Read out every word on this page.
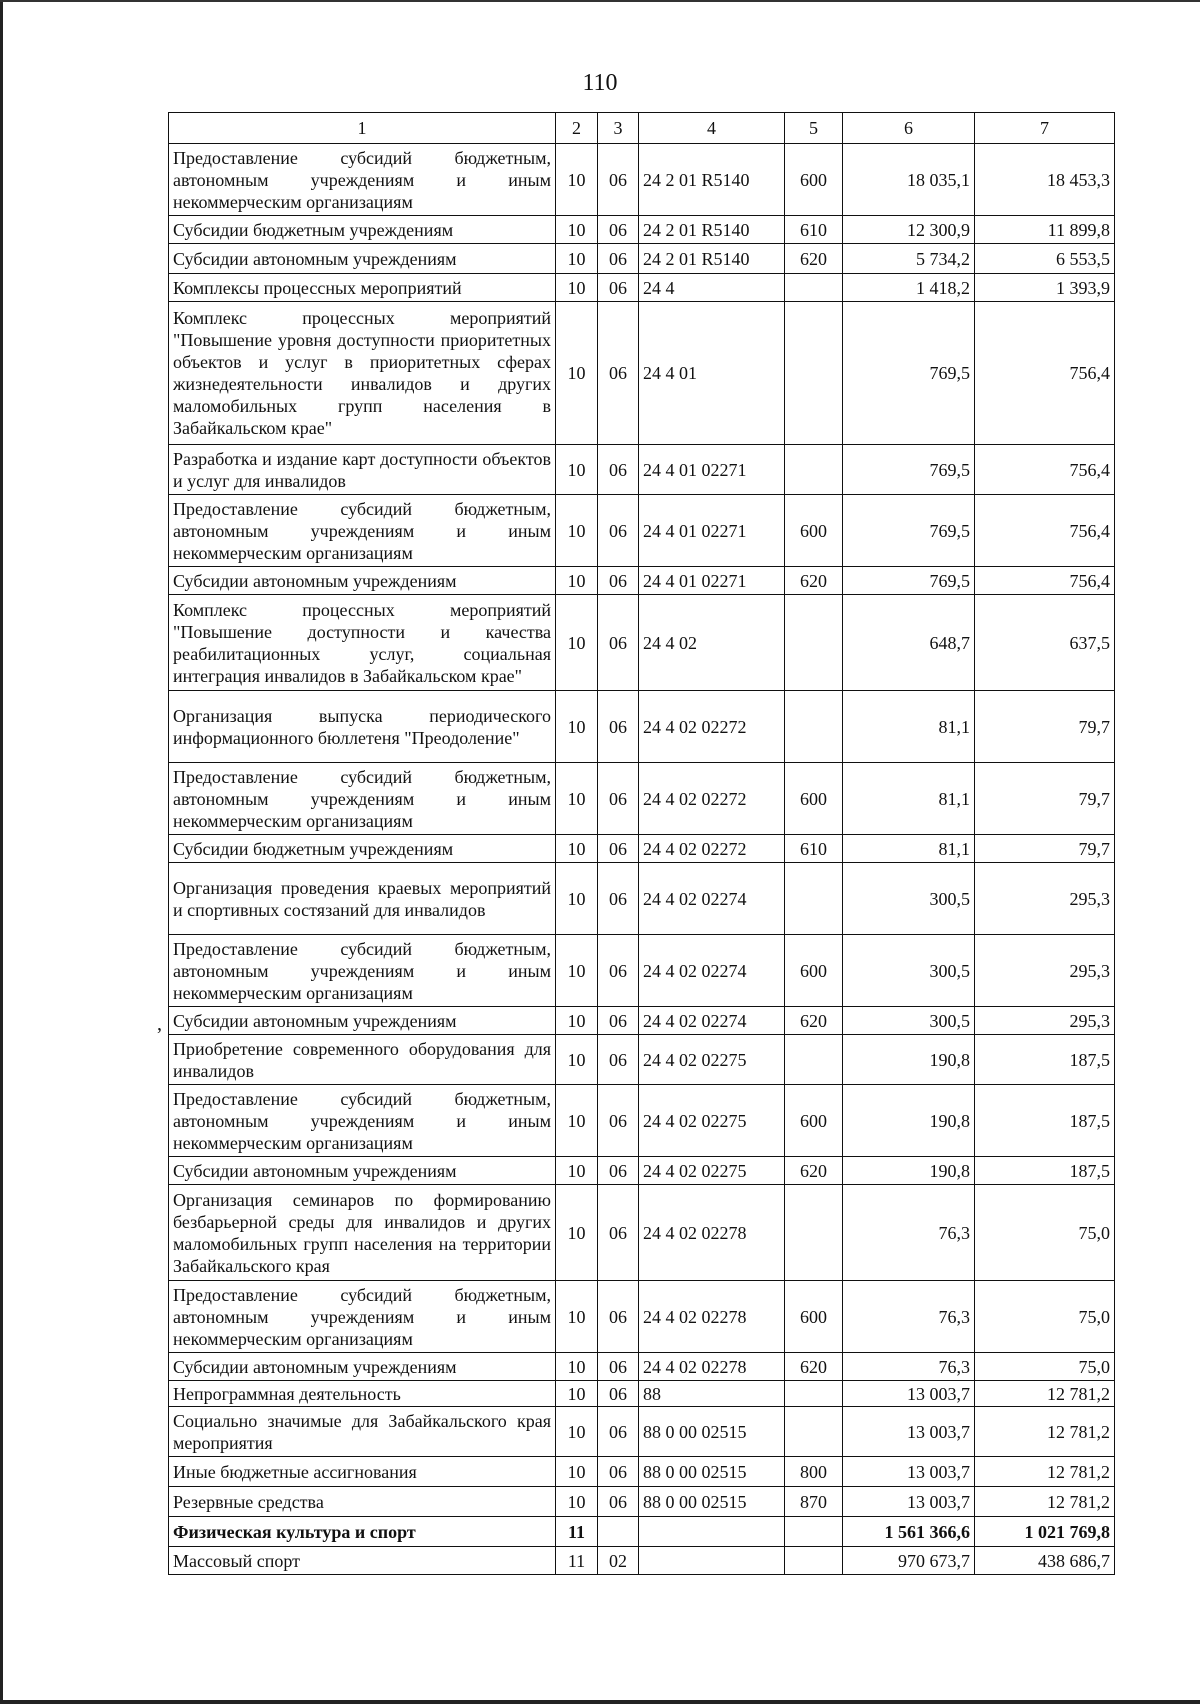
110
,
1	2	3	4	5	6	7
Предоставление субсидий бюджетным, автономным учреждениям и иным некоммерческим организациям	10	06	24 2 01 R5140	600	18 035,1	18 453,3
Субсидии бюджетным учреждениям	10	06	24 2 01 R5140	610	12 300,9	11 899,8
Субсидии автономным учреждениям	10	06	24 2 01 R5140	620	5 734,2	6 553,5
Комплексы процессных мероприятий	10	06	24 4		1 418,2	1 393,9
Комплекс процессных мероприятий "Повышение уровня доступности приоритетных объектов и услуг в приоритетных сферах жизнедеятельности инвалидов и других маломобильных групп населения в Забайкальском крае"	10	06	24 4 01		769,5	756,4
Разработка и издание карт доступности объектов и услуг для инвалидов	10	06	24 4 01 02271		769,5	756,4
Предоставление субсидий бюджетным, автономным учреждениям и иным некоммерческим организациям	10	06	24 4 01 02271	600	769,5	756,4
Субсидии автономным учреждениям	10	06	24 4 01 02271	620	769,5	756,4
Комплекс процессных мероприятий "Повышение доступности и качества реабилитационных услуг, социальная интеграция инвалидов в Забайкальском крае"	10	06	24 4 02		648,7	637,5
Организация выпуска периодического информационного бюллетеня "Преодоление"	10	06	24 4 02 02272		81,1	79,7
Предоставление субсидий бюджетным, автономным учреждениям и иным некоммерческим организациям	10	06	24 4 02 02272	600	81,1	79,7
Субсидии бюджетным учреждениям	10	06	24 4 02 02272	610	81,1	79,7
Организация проведения краевых мероприятий и спортивных состязаний для инвалидов	10	06	24 4 02 02274		300,5	295,3
Предоставление субсидий бюджетным, автономным учреждениям и иным некоммерческим организациям	10	06	24 4 02 02274	600	300,5	295,3
Субсидии автономным учреждениям	10	06	24 4 02 02274	620	300,5	295,3
Приобретение современного оборудования для инвалидов	10	06	24 4 02 02275		190,8	187,5
Предоставление субсидий бюджетным, автономным учреждениям и иным некоммерческим организациям	10	06	24 4 02 02275	600	190,8	187,5
Субсидии автономным учреждениям	10	06	24 4 02 02275	620	190,8	187,5
Организация семинаров по формированию безбарьерной среды для инвалидов и других маломобильных групп населения на территории Забайкальского края	10	06	24 4 02 02278		76,3	75,0
Предоставление субсидий бюджетным, автономным учреждениям и иным некоммерческим организациям	10	06	24 4 02 02278	600	76,3	75,0
Субсидии автономным учреждениям	10	06	24 4 02 02278	620	76,3	75,0
Непрограммная деятельность	10	06	88		13 003,7	12 781,2
Социально значимые для Забайкальского края мероприятия	10	06	88 0 00 02515		13 003,7	12 781,2
Иные бюджетные ассигнования	10	06	88 0 00 02515	800	13 003,7	12 781,2
Резервные средства	10	06	88 0 00 02515	870	13 003,7	12 781,2
Физическая культура и спорт	11				1 561 366,6	1 021 769,8
Массовый спорт	11	02			970 673,7	438 686,7
